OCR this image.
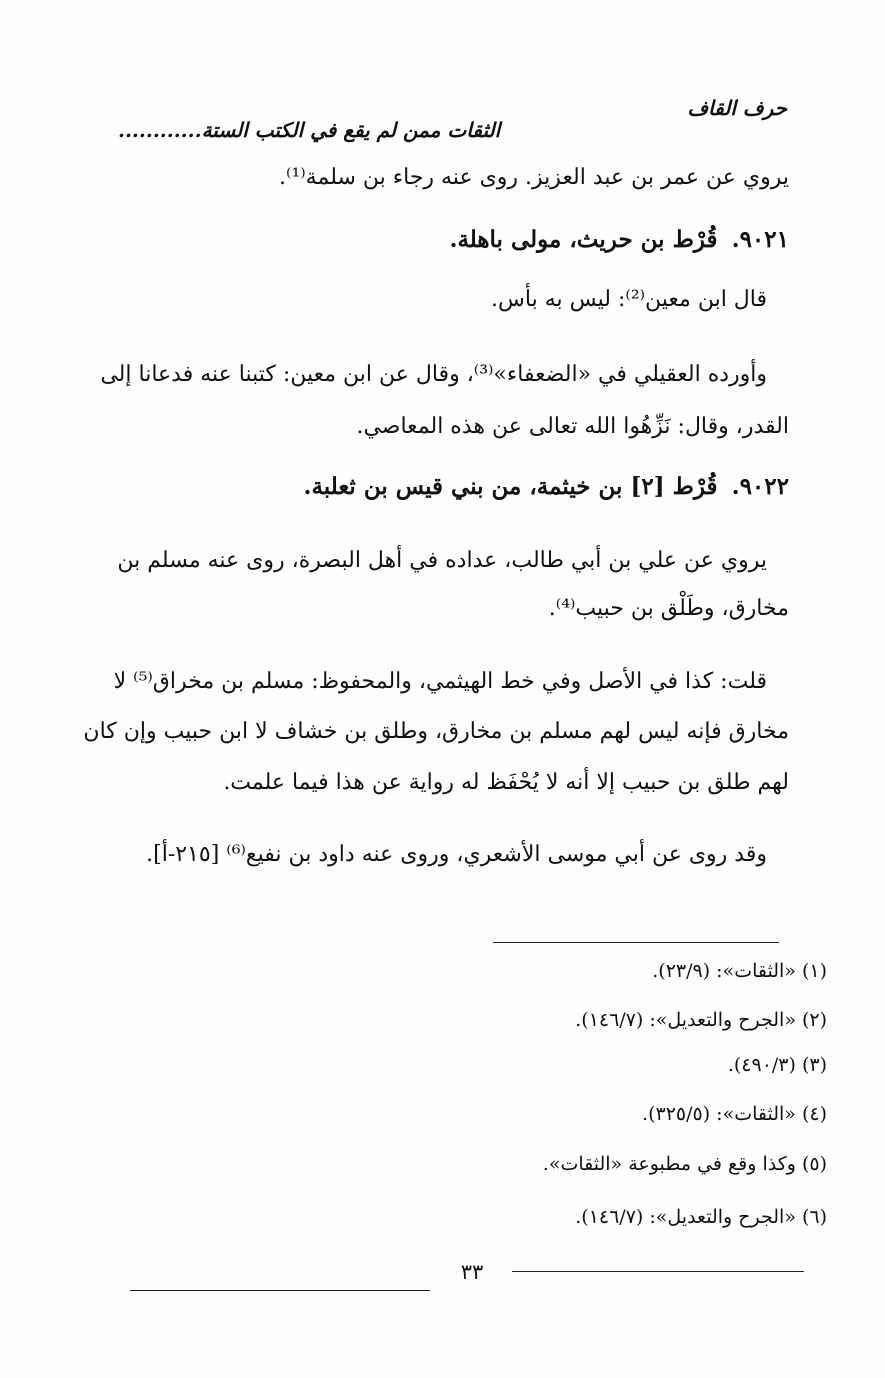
حرف القاف
الثقات ممن لم يقع في الكتب الستة............
يروي عن عمر بن عبد العزيز. روى عنه رجاء بن سلمة⁽¹⁾.
٩٠٢١.قُرْط بن حريث، مولى باهلة.
قال ابن معين⁽²⁾: ليس به بأس.
وأورده العقيلي في «الضعفاء»⁽³⁾، وقال عن ابن معين: كتبنا عنه فدعانا إلى
القدر، وقال: نَزِّهُوا الله تعالى عن هذه المعاصي.
٩٠٢٢.قُرْط [٢] بن خيثمة، من بني قيس بن ثعلبة.
يروي عن علي بن أبي طالب، عداده في أهل البصرة، روى عنه مسلم بن
مخارق، وطَلْق بن حبيب⁽⁴⁾.
قلت: كذا في الأصل وفي خط الهيثمي، والمحفوظ: مسلم بن مخراق⁽⁵⁾ لا
مخارق فإنه ليس لهم مسلم بن مخارق، وطلق بن خشاف لا ابن حبيب وإن كان
لهم طلق بن حبيب إلا أنه لا يُحْفَظ له رواية عن هذا فيما علمت.
وقد روى عن أبي موسى الأشعري، وروى عنه داود بن نفيع⁽⁶⁾ [٢١٥-أ].
(١)«الثقات»: (٢٣/٩).
(٢)«الجرح والتعديل»: (١٤٦/٧).
(٣)(٤٩٠/٣).
(٤)«الثقات»: (٣٢٥/٥).
(٥)وكذا وقع في مطبوعة «الثقات».
(٦)«الجرح والتعديل»: (١٤٦/٧).
٣٣
